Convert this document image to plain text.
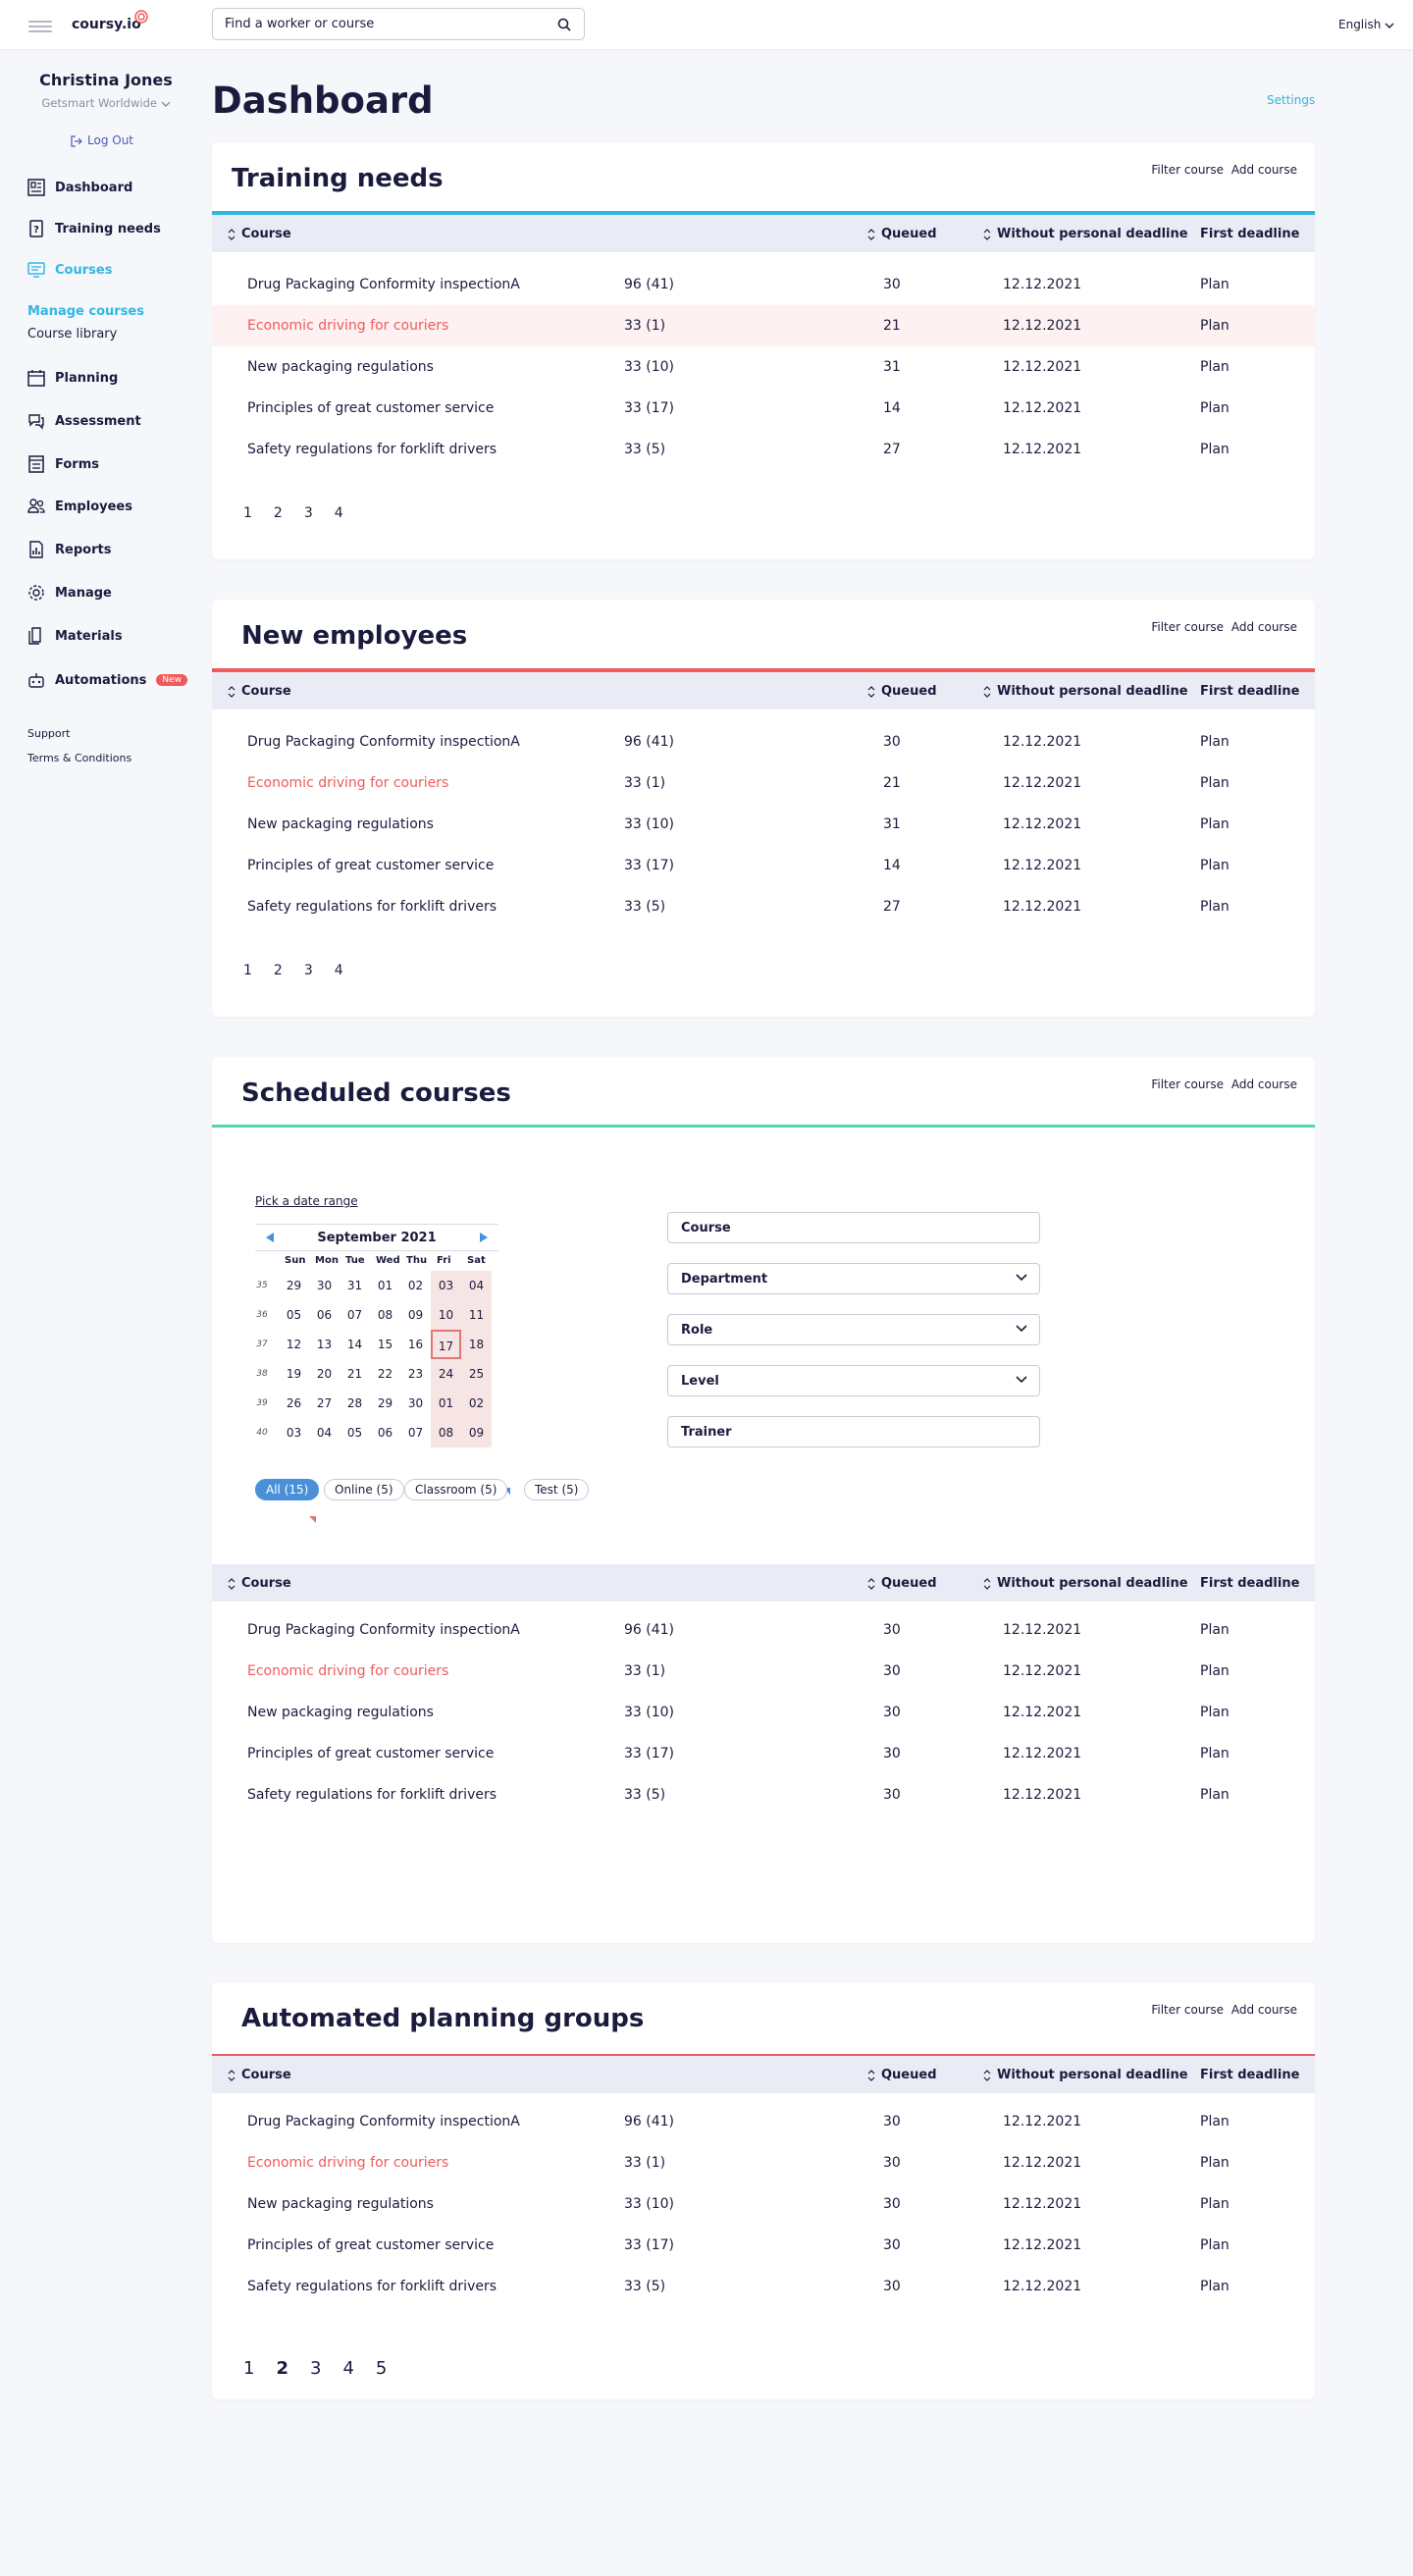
coursy.io
Find a worker or course	English
Christina Jones
Getsmart Worldwide
Log Out
Dashboard
? Training needs
Courses
Manage courses
Course library
Planning
Assessment
Forms
Employees
Reports
Manage
Materials
Automations	New
Support
Terms & Conditions
Dashboard	Settings
Training needs	Filter course Add course
Course	Queued	Without personal deadline First deadline
1 2 3 4
Drug Packaging Conformity inspectionA	96 (41)	30	12.12.2021	Plan
Economic driving for couriers	33 (1)	21	12.12.2021	Plan
New packaging regulations	33 (10)	31	12.12.2021	Plan
Principles of great customer service	33 (17)	14	12.12.2021	Plan
Safety regulations for forklift drivers	33 (5)	27	12.12.2021	Plan
New employees	Filter course Add course
Course	Queued	Without personal deadline First deadline
1 2 3 4
Drug Packaging Conformity inspectionA	96 (41)	30	12.12.2021	Plan
Economic driving for couriers	33 (1)	21	12.12.2021	Plan
New packaging regulations	33 (10)	31	12.12.2021	Plan
Principles of great customer service	33 (17)	14	12.12.2021	Plan
Safety regulations for forklift drivers	33 (5)	27	12.12.2021	Plan
Scheduled courses	Filter course Add course
Pick a date range
September 2021
Sun Mon Tue Wed Thu Fri Sat
35	29	30	31	01	02	03	04
36	05	06	07	08	09	10	11
37	12	13	14	15	16	17	18
38	19	20	21	22	23	24	25
39	26	27	28	29	30	01	02
40	03	04	05	06	07	08	09
All (15)	Online (5)	Classroom (5)	Test (5)
Course
Department
Role
Level
Trainer
Course	Queued	Without personal deadline First deadline
Drug Packaging Conformity inspectionA	96 (41)	30	12.12.2021	Plan
Economic driving for couriers	33 (1)	30	12.12.2021	Plan
New packaging regulations	33 (10)	30	12.12.2021	Plan
Principles of great customer service	33 (17)	30	12.12.2021	Plan
Safety regulations for forklift drivers	33 (5)	30	12.12.2021	Plan
Automated planning groups	Filter course Add course
Course	Queued	Without personal deadline First deadline
1 2 3 4 5
Drug Packaging Conformity inspectionA	96 (41)	30	12.12.2021	Plan
Economic driving for couriers	33 (1)	30	12.12.2021	Plan
New packaging regulations	33 (10)	30	12.12.2021	Plan
Principles of great customer service	33 (17)	30	12.12.2021	Plan
Safety regulations for forklift drivers	33 (5)	30	12.12.2021	Plan
